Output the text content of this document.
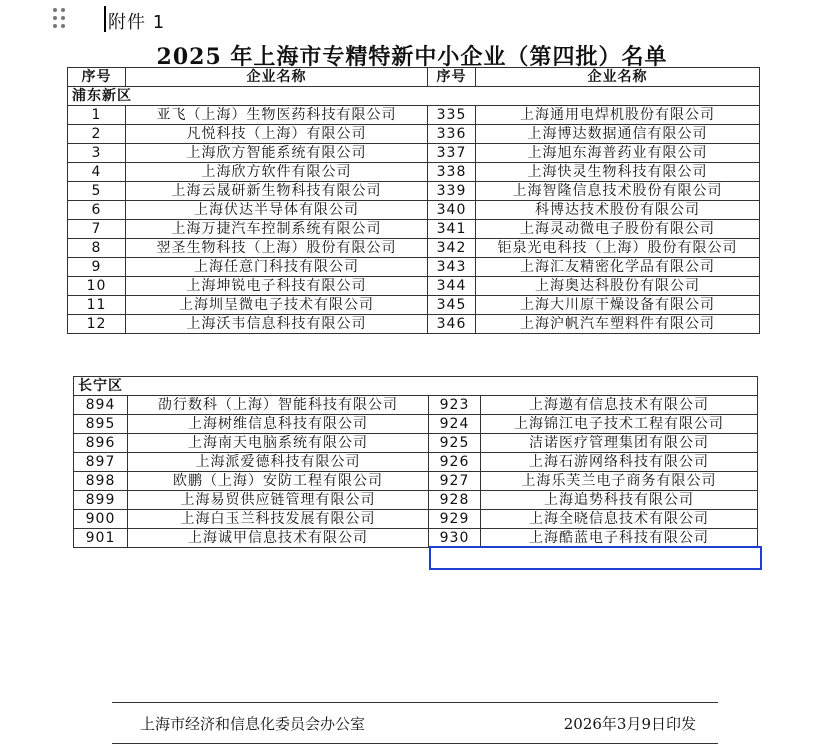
附件 1
2025 年上海市专精特新中小企业（第四批）名单
序号	企业名称	序号	企业名称
浦东新区			
1	亚飞（上海）生物医药科技有限公司	335	上海通用电焊机股份有限公司
2	凡悦科技（上海）有限公司	336	上海博达数据通信有限公司
3	上海欣方智能系统有限公司	337	上海旭东海普药业有限公司
4	上海欣方软件有限公司	338	上海快灵生物科技有限公司
5	上海云晟研新生物科技有限公司	339	上海智隆信息技术股份有限公司
6	上海伏达半导体有限公司	340	科博达技术股份有限公司
7	上海万捷汽车控制系统有限公司	341	上海灵动微电子股份有限公司
8	翌圣生物科技（上海）股份有限公司	342	钜泉光电科技（上海）股份有限公司
9	上海任意门科技有限公司	343	上海汇友精密化学品有限公司
10	上海坤锐电子科技有限公司	344	上海奥达科股份有限公司
11	上海圳呈微电子技术有限公司	345	上海大川原干燥设备有限公司
12	上海沃韦信息科技有限公司	346	上海沪帆汽车塑料件有限公司
长宁区			
894	劭行数科（上海）智能科技有限公司	923	上海遨有信息技术有限公司
895	上海树维信息科技有限公司	924	上海锦江电子技术工程有限公司
896	上海南天电脑系统有限公司	925	洁诺医疗管理集团有限公司
897	上海派爱德科技有限公司	926	上海石游网络科技有限公司
898	欧鹏（上海）安防工程有限公司	927	上海乐芙兰电子商务有限公司
899	上海易贸供应链管理有限公司	928	上海追势科技有限公司
900	上海白玉兰科技发展有限公司	929	上海全晓信息技术有限公司
901	上海诚甲信息技术有限公司	930	上海酷蓝电子科技有限公司
上海市经济和信息化委员会办公室	2026年3月9日印发
